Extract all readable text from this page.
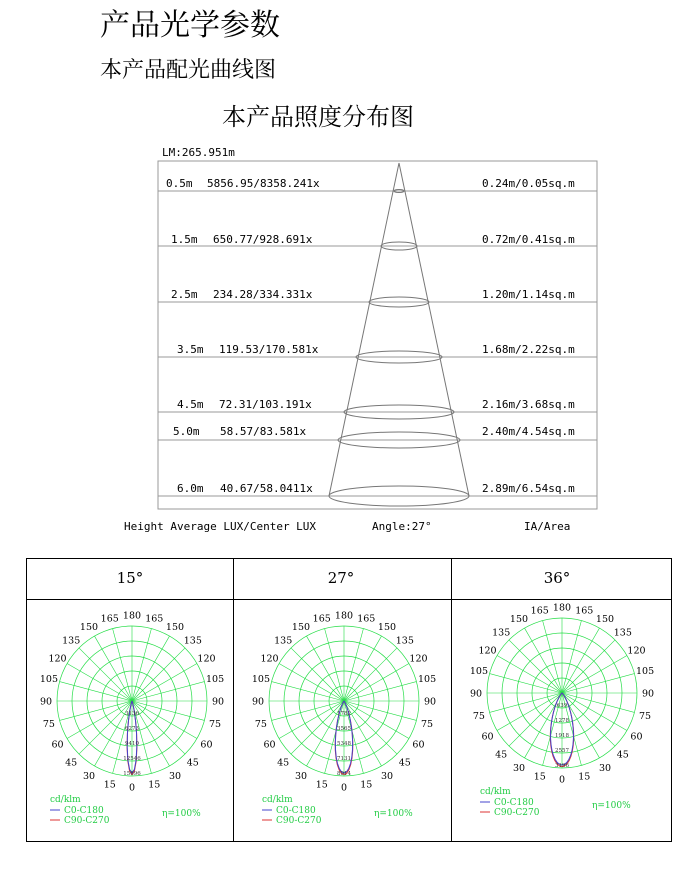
产品光学参数
本产品配光曲线图
本产品照度分布图
LM:265.951m
0.5m 5856.95/8358.241x	0.24m/0.05sq.m
1.5m 650.77/928.691x	0.72m/0.41sq.m
2.5m 234.28/334.331x	1.20m/1.14sq.m
3.5m 119.53/170.581x	1.68m/2.22sq.m
4.5m 72.31/103.191x	2.16m/3.68sq.m
5.0m 58.57/83.581x	2.40m/4.54sq.m
6.0m 40.67/58.0411x	2.89m/6.54sq.m
Height Average LUX/Center LUX	Angle:27°	IA/Area
15°	27°	36°
180 165
165
150
150
135
135
120
120
105
105
90
90
75
75
60
60
45
45
30
30
15
15 0
3136
6273
9410
12546
15696
cd/klm
C0-C180
C90-C270
η=100%
180 165
165
150
150
135
135
120
120
105
105
90
90
75
75
60
60
45
45
30
30
15
15 0
1782
3565
5348
7131
8914
cd/klm
C0-C180
C90-C270
η=100%
180 165
165
150
150
135
135
120
120
105
105
90
90
75
75
60
60
45
45
30
30
15
15 0
639
1278
1918
2557
3196
cd/klm
C0-C180
C90-C270
η=100%
